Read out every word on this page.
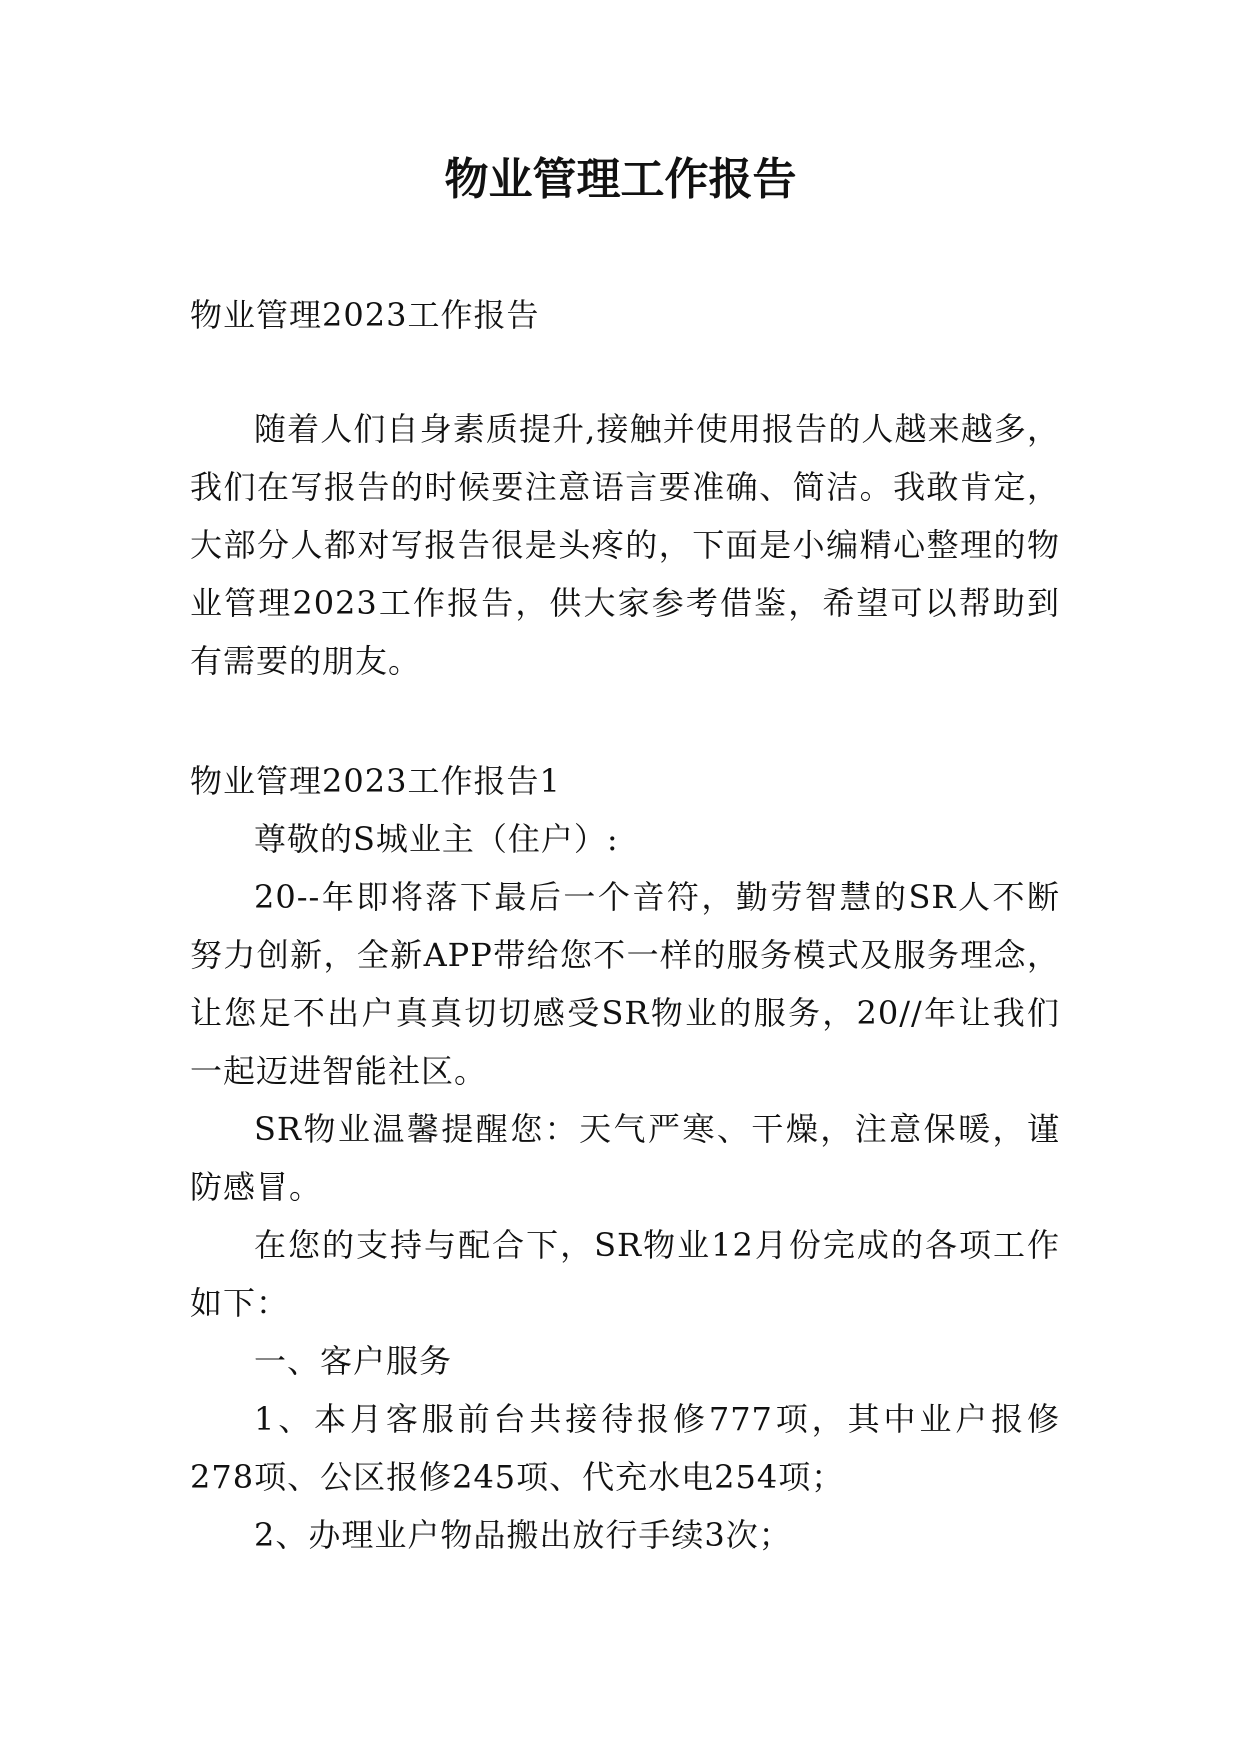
物业管理工作报告
物业管理2023工作报告

随着人们自身素质提升,接触并使用报告的人越来越多，我们在写报告的时候要注意语言要准确、简洁。我敢肯定，大部分人都对写报告很是头疼的，下面是小编精心整理的物业管理2023工作报告，供大家参考借鉴，希望可以帮助到有需要的朋友。

物业管理2023工作报告1

尊敬的S城业主（住户）:

20--年即将落下最后一个音符，勤劳智慧的SR人不断努力创新，全新APP带给您不一样的服务模式及服务理念，让您足不出户真真切切感受SR物业的服务，20//年让我们一起迈进智能社区。

SR物业温馨提醒您：天气严寒、干燥，注意保暖，谨防感冒。

在您的支持与配合下，SR物业12月份完成的各项工作如下：

一、客户服务

1、本月客服前台共接待报修777项，其中业户报修278项、公区报修245项、代充水电254项；

2、办理业户物品搬出放行手续3次；
